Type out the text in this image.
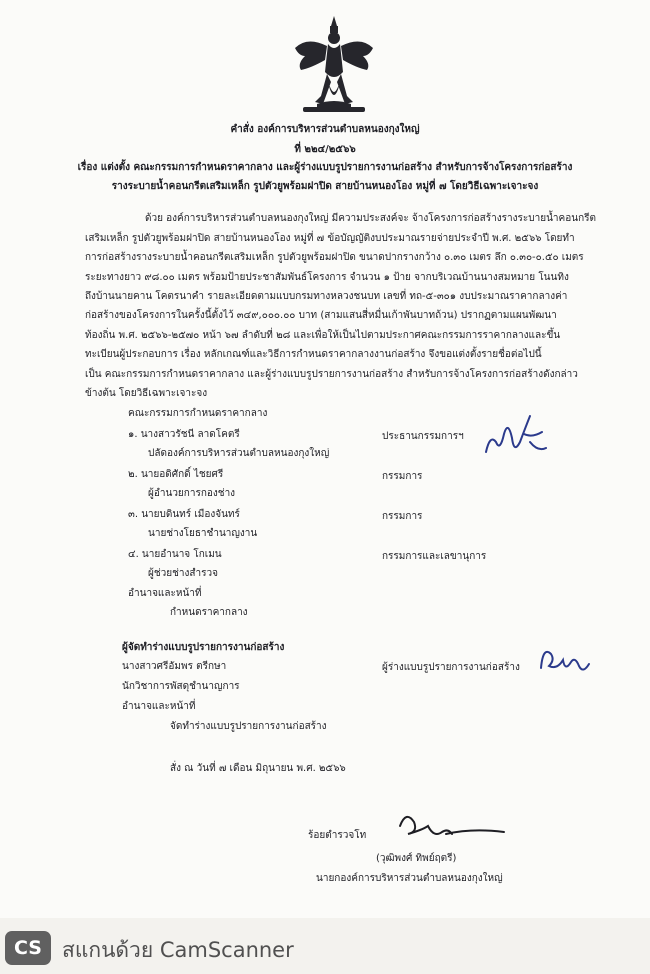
คำสั่ง องค์การบริหารส่วนตำบลหนองกุงใหญ่
ที่ ๒๒๔/๒๕๖๖
เรื่อง แต่งตั้ง คณะกรรมการกำหนดราคากลาง และผู้ร่างแบบรูปรายการงานก่อสร้าง สำหรับการจ้างโครงการก่อสร้าง
รางระบายน้ำคอนกรีตเสริมเหล็ก รูปตัวยูพร้อมฝาปิด สายบ้านหนองโอง หมู่ที่ ๗ โดยวิธีเฉพาะเจาะจง

ด้วย องค์การบริหารส่วนตำบลหนองกุงใหญ่ มีความประสงค์จะ จ้างโครงการก่อสร้างรางระบายน้ำคอนกรีต

เสริมเหล็ก รูปตัวยูพร้อมฝาปิด สายบ้านหนองโอง หมู่ที่ ๗ ข้อบัญญัติงบประมาณรายจ่ายประจำปี พ.ศ. ๒๕๖๖ โดยทำ

การก่อสร้างรางระบายน้ำคอนกรีตเสริมเหล็ก รูปตัวยูพร้อมฝาปิด ขนาดปากรางกว้าง ๐.๓๐ เมตร ลึก ๐.๓๐-๐.๕๐ เมตร

ระยะทางยาว ๙๘.๐๐ เมตร พร้อมป้ายประชาสัมพันธ์โครงการ จำนวน ๑ ป้าย จากบริเวณบ้านนางสมหมาย โนนทิง

ถึงบ้านนายคาน โคตรนาคำ รายละเอียดตามแบบกรมทางหลวงชนบท เลขที่ ทถ-๕-๓๐๑ งบประมาณราคากลางค่า

ก่อสร้างของโครงการในครั้งนี้ตั้งไว้ ๓๔๙,๐๐๐.๐๐ บาท (สามแสนสี่หมื่นเก้าพันบาทถ้วน) ปรากฏตามแผนพัฒนา

ท้องถิ่น พ.ศ. ๒๕๖๖-๒๕๗๐ หน้า ๖๗ ลำดับที่ ๒๘ และเพื่อให้เป็นไปตามประกาศคณะกรรมการราคากลางและขึ้น

ทะเบียนผู้ประกอบการ เรื่อง หลักเกณฑ์และวิธีการกำหนดราคากลางงานก่อสร้าง จึงขอแต่งตั้งรายชื่อต่อไปนี้

เป็น คณะกรรมการกำหนดราคากลาง และผู้ร่างแบบรูปรายการงานก่อสร้าง สำหรับการจ้างโครงการก่อสร้างดังกล่าว

ข้างต้น โดยวิธีเฉพาะเจาะจง

คณะกรรมการกำหนดราคากลาง
๑. นางสาวรัชนี ลาดโคตรี
ปลัดองค์การบริหารส่วนตำบลหนองกุงใหญ่
ประธานกรรมการฯ
๒. นายอดิศักดิ์ ไชยศรี
ผู้อำนวยการกองช่าง
กรรมการ
๓. นายบดินทร์ เมืองจันทร์
นายช่างโยธาชำนาญงาน
กรรมการ
๔. นายอำนาจ โกเมน
ผู้ช่วยช่างสำรวจ
กรรมการและเลขานุการ
อำนาจและหน้าที่
กำหนดราคากลาง
ผู้จัดทำร่างแบบรูปรายการงานก่อสร้าง
นางสาวศรีอัมพร ตรีกษา
นักวิชาการพัสดุชำนาญการ
อำนาจและหน้าที่
จัดทำร่างแบบรูปรายการงานก่อสร้าง
ผู้ร่างแบบรูปรายการงานก่อสร้าง
สั่ง ณ วันที่ ๗ เดือน มิถุนายน พ.ศ. ๒๕๖๖
ร้อยตำรวจโท
(วุฒิพงศ์ ทิพย์ฤตรี)
นายกองค์การบริหารส่วนตำบลหนองกุงใหญ่
CS สแกนด้วย CamScanner
